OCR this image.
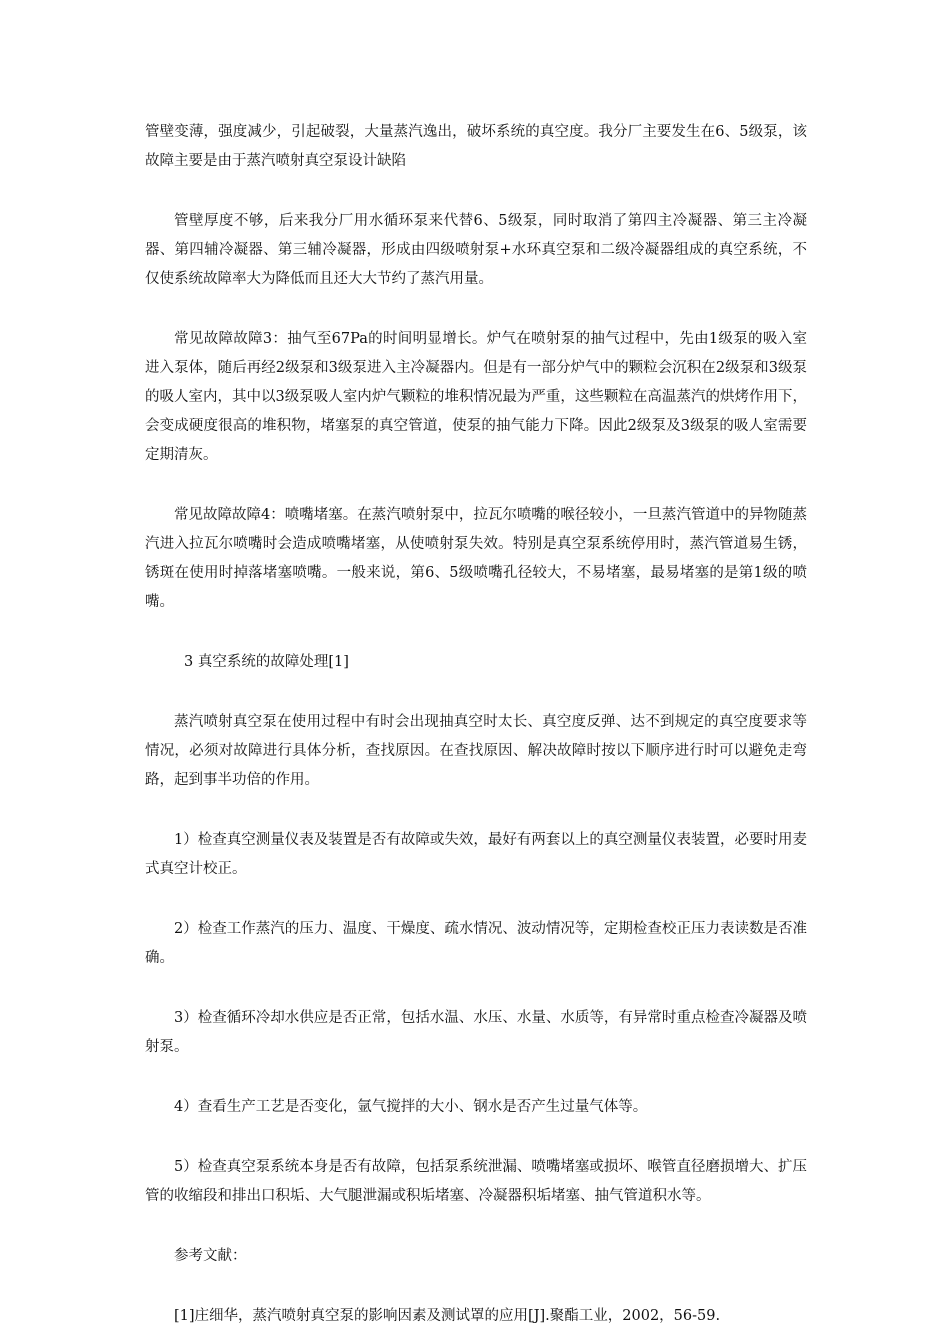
管壁变薄，强度减少，引起破裂，大量蒸汽逸出，破坏系统的真空度。我分厂主要发生在6、5级泵，该故障主要是由于蒸汽喷射真空泵设计缺陷

管壁厚度不够，后来我分厂用水循环泵来代替6、5级泵，同时取消了第四主冷凝器、第三主冷凝器、第四辅冷凝器、第三辅冷凝器，形成由四级喷射泵+水环真空泵和二级冷凝器组成的真空系统，不仅使系统故障率大为降低而且还大大节约了蒸汽用量。

常见故障故障3：抽气至67Pa的时间明显增长。炉气在喷射泵的抽气过程中，先由1级泵的吸入室进入泵体，随后再经2级泵和3级泵进入主冷凝器内。但是有一部分炉气中的颗粒会沉积在2级泵和3级泵的吸人室内，其中以3级泵吸人室内炉气颗粒的堆积情况最为严重，这些颗粒在高温蒸汽的烘烤作用下，会变成硬度很高的堆积物，堵塞泵的真空管道，使泵的抽气能力下降。因此2级泵及3级泵的吸人室需要定期清灰。

常见故障故障4：喷嘴堵塞。在蒸汽喷射泵中，拉瓦尔喷嘴的喉径较小，一旦蒸汽管道中的异物随蒸汽进入拉瓦尔喷嘴时会造成喷嘴堵塞，从使喷射泵失效。特别是真空泵系统停用时，蒸汽管道易生锈，锈斑在使用时掉落堵塞喷嘴。一般来说，第6、5级喷嘴孔径较大，不易堵塞，最易堵塞的是第1级的喷嘴。

3 真空系统的故障处理[1]

蒸汽喷射真空泵在使用过程中有时会出现抽真空时太长、真空度反弹、达不到规定的真空度要求等情况，必须对故障进行具体分析，查找原因。在查找原因、解决故障时按以下顺序进行时可以避免走弯路，起到事半功倍的作用。

1）检查真空测量仪表及装置是否有故障或失效，最好有两套以上的真空测量仪表装置，必要时用麦式真空计校正。

2）检查工作蒸汽的压力、温度、干燥度、疏水情况、波动情况等，定期检查校正压力表读数是否准确。

3）检查循环冷却水供应是否正常，包括水温、水压、水量、水质等，有异常时重点检查冷凝器及喷射泵。

4）查看生产工艺是否变化，氩气搅拌的大小、钢水是否产生过量气体等。

5）检查真空泵系统本身是否有故障，包括泵系统泄漏、喷嘴堵塞或损坏、喉管直径磨损增大、扩压管的收缩段和排出口积垢、大气腿泄漏或积垢堵塞、冷凝器积垢堵塞、抽气管道积水等。

参考文献：

[1]庄细华，蒸汽喷射真空泵的影响因素及测试罩的应用[J].聚酯工业，2002，56-59.
